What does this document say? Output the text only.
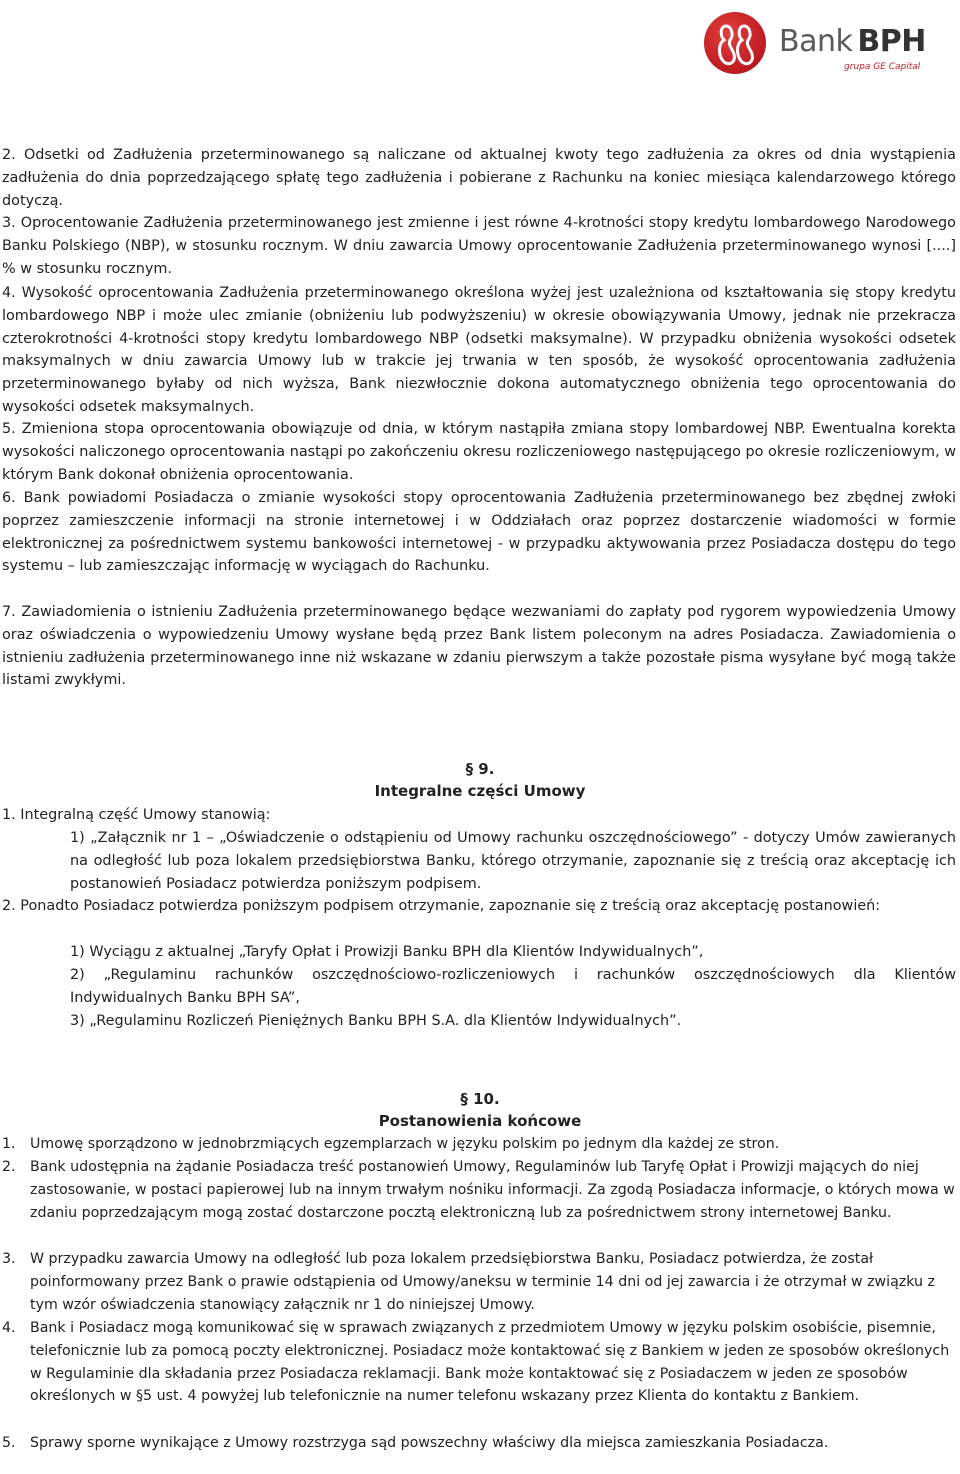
Bank BPH
grupa GE Capital

2. Odsetki od Zadłużenia przeterminowanego są naliczane od aktualnej kwoty tego zadłużenia za okres od dnia wystąpienia zadłużenia do dnia poprzedzającego spłatę tego zadłużenia i pobierane z Rachunku na koniec miesiąca kalendarzowego którego dotyczą.

3. Oprocentowanie Zadłużenia przeterminowanego jest zmienne i jest równe 4-krotności stopy kredytu lombardowego Narodowego Banku Polskiego (NBP), w stosunku rocznym. W dniu zawarcia Umowy oprocentowanie Zadłużenia przeterminowanego wynosi [....] % w stosunku rocznym.

4. Wysokość oprocentowania Zadłużenia przeterminowanego określona wyżej jest uzależniona od kształtowania się stopy kredytu lombardowego NBP i może ulec zmianie (obniżeniu lub podwyższeniu) w okresie obowiązywania Umowy, jednak nie przekracza czterokrotności 4-krotności stopy kredytu lombardowego NBP (odsetki maksymalne). W przypadku obniżenia wysokości odsetek maksymalnych w dniu zawarcia Umowy lub w trakcie jej trwania w ten sposób, że wysokość oprocentowania zadłużenia przeterminowanego byłaby od nich wyższa, Bank niezwłocznie dokona automatycznego obniżenia tego oprocentowania do wysokości odsetek maksymalnych.

5. Zmieniona stopa oprocentowania obowiązuje od dnia, w którym nastąpiła zmiana stopy lombardowej NBP. Ewentualna korekta wysokości naliczonego oprocentowania nastąpi po zakończeniu okresu rozliczeniowego następującego po okresie rozliczeniowym, w którym Bank dokonał obniżenia oprocentowania.

6. Bank powiadomi Posiadacza o zmianie wysokości stopy oprocentowania Zadłużenia przeterminowanego bez zbędnej zwłoki poprzez zamieszczenie informacji na stronie internetowej i w Oddziałach oraz poprzez dostarczenie wiadomości w formie elektronicznej za pośrednictwem systemu bankowości internetowej - w przypadku aktywowania przez Posiadacza dostępu do tego systemu – lub zamieszczając informację w wyciągach do Rachunku.

7. Zawiadomienia o istnieniu Zadłużenia przeterminowanego będące wezwaniami do zapłaty pod rygorem wypowiedzenia Umowy oraz oświadczenia o wypowiedzeniu Umowy wysłane będą przez Bank listem poleconym na adres Posiadacza. Zawiadomienia o istnieniu zadłużenia przeterminowanego inne niż wskazane w zdaniu pierwszym a także pozostałe pisma wysyłane być mogą także listami zwykłymi.

§ 9.
Integralne części Umowy

1. Integralną część Umowy stanowią:

1) „Załącznik nr 1 – „Oświadczenie o odstąpieniu od Umowy rachunku oszczędnościowego” - dotyczy Umów zawieranych na odległość lub poza lokalem przedsiębiorstwa Banku, którego otrzymanie, zapoznanie się z treścią oraz akceptację ich postanowień Posiadacz potwierdza poniższym podpisem.

2. Ponadto Posiadacz potwierdza poniższym podpisem otrzymanie, zapoznanie się z treścią oraz akceptację postanowień:

1) Wyciągu z aktualnej „Taryfy Opłat i Prowizji Banku BPH dla Klientów Indywidualnych”,

2) „Regulaminu rachunków oszczędnościowo-rozliczeniowych i rachunków oszczędnościowych dla Klientów Indywidualnych Banku BPH SA”,

3) „Regulaminu Rozliczeń Pieniężnych Banku BPH S.A. dla Klientów Indywidualnych”.

§ 10.
Postanowienia końcowe
1. Umowę sporządzono w jednobrzmiących egzemplarzach w języku polskim po jednym dla każdej ze stron.
2. Bank udostępnia na żądanie Posiadacza treść postanowień Umowy, Regulaminów lub Taryfę Opłat i Prowizji mających do niej zastosowanie, w postaci papierowej lub na innym trwałym nośniku informacji. Za zgodą Posiadacza informacje, o których mowa w zdaniu poprzedzającym mogą zostać dostarczone pocztą elektroniczną lub za pośrednictwem strony internetowej Banku.
3. W przypadku zawarcia Umowy na odległość lub poza lokalem przedsiębiorstwa Banku, Posiadacz potwierdza, że został poinformowany przez Bank o prawie odstąpienia od Umowy/aneksu w terminie 14 dni od jej zawarcia i że otrzymał w związku z tym wzór oświadczenia stanowiący załącznik nr 1 do niniejszej Umowy.
4. Bank i Posiadacz mogą komunikować się w sprawach związanych z przedmiotem Umowy w języku polskim osobiście, pisemnie, telefonicznie lub za pomocą poczty elektronicznej. Posiadacz może kontaktować się z Bankiem w jeden ze sposobów określonych w Regulaminie dla składania przez Posiadacza reklamacji. Bank może kontaktować się z Posiadaczem w jeden ze sposobów określonych w §5 ust. 4 powyżej lub telefonicznie na numer telefonu wskazany przez Klienta do kontaktu z Bankiem.
5. Sprawy sporne wynikające z Umowy rozstrzyga sąd powszechny właściwy dla miejsca zamieszkania Posiadacza.
